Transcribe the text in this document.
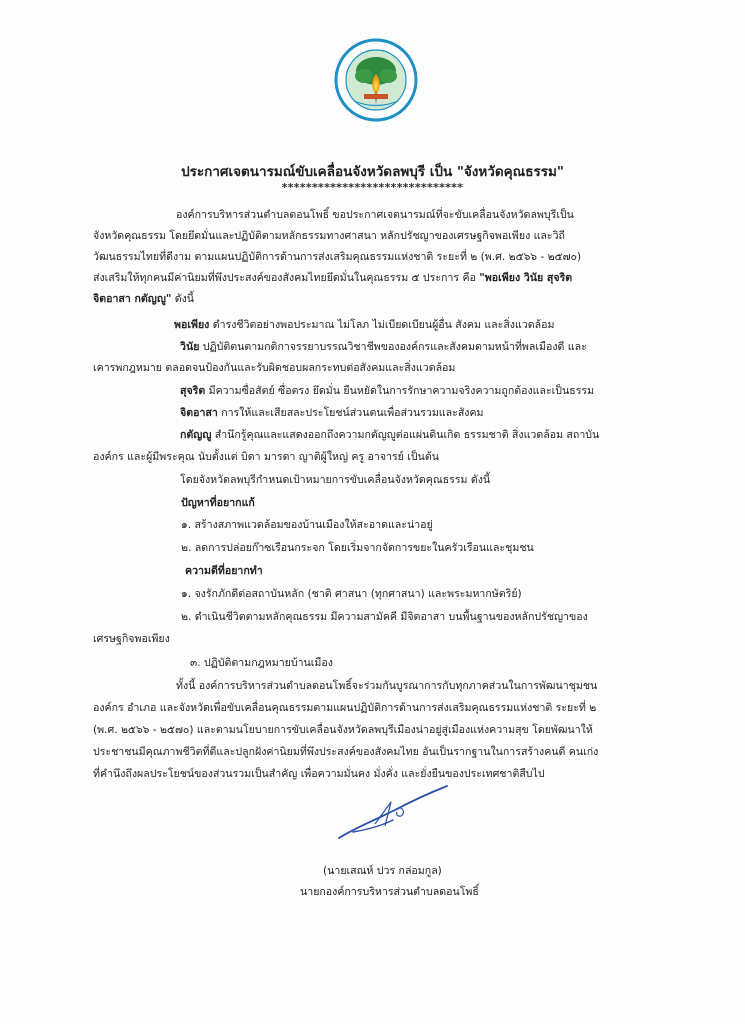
ประกาศเจตนารมณ์ขับเคลื่อนจังหวัดลพบุรี เป็น "จังหวัดคุณธรรม"
******************************
องค์การบริหารส่วนตำบลดอนโพธิ์ ขอประกาศเจตนารมณ์ที่จะขับเคลื่อนจังหวัดลพบุรีเป็น
จังหวัดคุณธรรม โดยยึดมั่นและปฏิบัติตามหลักธรรมทางศาสนา หลักปรัชญาของเศรษฐกิจพอเพียง และวิถี
วัฒนธรรมไทยที่ดีงาม ตามแผนปฏิบัติการด้านการส่งเสริมคุณธรรมแห่งชาติ ระยะที่ ๒ (พ.ศ. ๒๕๖๖ - ๒๕๗๐)
ส่งเสริมให้ทุกคนมีค่านิยมที่พึงประสงค์ของสังคมไทยยึดมั่นในคุณธรรม ๕ ประการ คือ "พอเพียง วินัย สุจริต
จิตอาสา กตัญญู" ดังนี้
พอเพียง ดำรงชีวิตอย่างพอประมาณ ไม่โลภ ไม่เบียดเบียนผู้อื่น สังคม และสิ่งแวดล้อม
วินัย ปฏิบัติตนตามกติกาจรรยาบรรณวิชาชีพขององค์กรและสังคมตามหน้าที่พลเมืองดี และ
เคารพกฎหมาย ตลอดจนป้องกันและรับผิดชอบผลกระทบต่อสังคมและสิ่งแวดล้อม
สุจริต มีความซื่อสัตย์ ซื่อตรง ยึดมั่น ยืนหยัดในการรักษาความจริงความถูกต้องและเป็นธรรม
จิตอาสา การให้และเสียสละประโยชน์ส่วนตนเพื่อส่วนรวมและสังคม
กตัญญู สำนึกรู้คุณและแสดงออกถึงความกตัญญูต่อแผ่นดินเกิด ธรรมชาติ สิ่งแวดล้อม สถาบัน
องค์กร และผู้มีพระคุณ นับตั้งแต่ บิดา มารดา ญาติผู้ใหญ่ ครู อาจารย์ เป็นต้น
โดยจังหวัดลพบุรีกำหนดเป้าหมายการขับเคลื่อนจังหวัดคุณธรรม ดังนี้
ปัญหาที่อยากแก้
๑. สร้างสภาพแวดล้อมของบ้านเมืองให้สะอาดและน่าอยู่
๒. ลดการปล่อยก๊าซเรือนกระจก โดยเริ่มจากจัดการขยะในครัวเรือนและชุมชน
ความดีที่อยากทำ
๑. จงรักภักดีต่อสถาบันหลัก (ชาติ ศาสนา (ทุกศาสนา) และพระมหากษัตริย์)
๒. ดำเนินชีวิตตามหลักคุณธรรม มีความสามัคคี มีจิตอาสา บนพื้นฐานของหลักปรัชญาของ
เศรษฐกิจพอเพียง
๓. ปฏิบัติตามกฎหมายบ้านเมือง
ทั้งนี้ องค์การบริหารส่วนตำบลดอนโพธิ์จะร่วมกันบูรณาการกับทุกภาคส่วนในการพัฒนาชุมชน
องค์กร อำเภอ และจังหวัดเพื่อขับเคลื่อนคุณธรรมตามแผนปฏิบัติการด้านการส่งเสริมคุณธรรมแห่งชาติ ระยะที่ ๒
(พ.ศ. ๒๕๖๖ - ๒๕๗๐) และตามนโยบายการขับเคลื่อนจังหวัดลพบุรีเมืองน่าอยู่สู่เมืองแห่งความสุข โดยพัฒนาให้
ประชาชนมีคุณภาพชีวิตที่ดีและปลูกฝังค่านิยมที่พึงประสงค์ของสังคมไทย อันเป็นรากฐานในการสร้างคนดี คนเก่ง
ที่คำนึงถึงผลประโยชน์ของส่วนรวมเป็นสำคัญ เพื่อความมั่นคง มั่งคั่ง และยั่งยืนของประเทศชาติสืบไป
(นายเสณห์ ปวร กล่อมกูล)
นายกองค์การบริหารส่วนตำบลดอนโพธิ์
